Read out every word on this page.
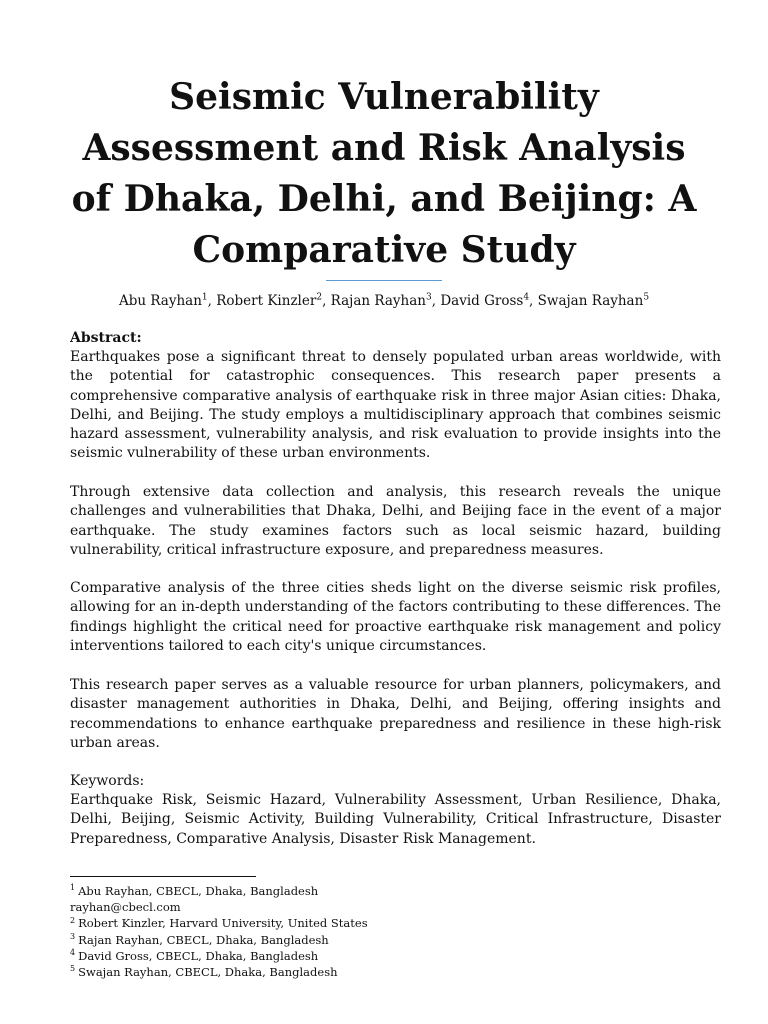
Seismic Vulnerability Assessment and Risk Analysis of Dhaka, Delhi, and Beijing: A Comparative Study

Abu Rayhan$^1$, Robert Kinzler$^2$, Rajan Rayhan$^3$, David Gross$^4$, Swajan Rayhan$^5$

Abstract:

Earthquakes pose a significant threat to densely populated urban areas worldwide, with the potential for catastrophic consequences. This research paper presents a comprehensive comparative analysis of earthquake risk in three major Asian cities: Dhaka, Delhi, and Beijing. The study employs a multidisciplinary approach that combines seismic hazard assessment, vulnerability analysis, and risk evaluation to provide insights into the seismic vulnerability of these urban environments.

Through extensive data collection and analysis, this research reveals the unique challenges and vulnerabilities that Dhaka, Delhi, and Beijing face in the event of a major earthquake. The study examines factors such as local seismic hazard, building vulnerability, critical infrastructure exposure, and preparedness measures.

Comparative analysis of the three cities sheds light on the diverse seismic risk profiles, allowing for an in-depth understanding of the factors contributing to these differences. The findings highlight the critical need for proactive earthquake risk management and policy interventions tailored to each city's unique circumstances.

This research paper serves as a valuable resource for urban planners, policymakers, and disaster management authorities in Dhaka, Delhi, and Beijing, offering insights and recommendations to enhance earthquake preparedness and resilience in these high-risk urban areas.

Keywords:

Earthquake Risk, Seismic Hazard, Vulnerability Assessment, Urban Resilience, Dhaka, Delhi, Beijing, Seismic Activity, Building Vulnerability, Critical Infrastructure, Disaster Preparedness, Comparative Analysis, Disaster Risk Management.

$^1$ Abu Rayhan, CBECL, Dhaka, Bangladesh
rayhan@cbecl.com
$^2$ Robert Kinzler, Harvard University, United States
$^3$ Rajan Rayhan, CBECL, Dhaka, Bangladesh
$^4$ David Gross, CBECL, Dhaka, Bangladesh
$^5$ Swajan Rayhan, CBECL, Dhaka, Bangladesh
